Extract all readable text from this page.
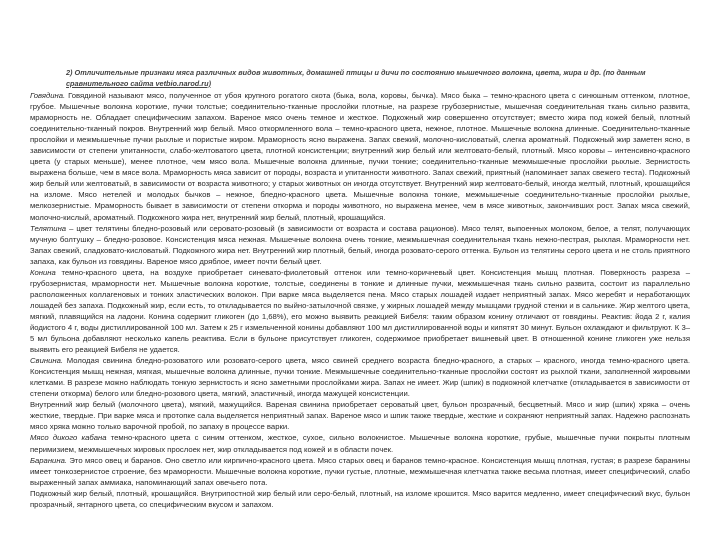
2) Отличительные признаки мяса различных видов животных, домашней птицы и дичи по состоянию мышечного волокна, цвета, жира и др. (по данным сравнительного сайта vetbio.narod.ru)

Говядина. Говядиной называют мясо, полученное от убоя крупного рогатого скота (быка, вола, коровы, бычка). Мясо быка – темно-красного цвета с синюшным оттенком, плотное, грубое. Мышечные волокна короткие, пучки толстые; соединительно-тканные прослойки плотные, на разрезе грубозернистые, мышечная соединительная ткань сильно развита, мраморность не. Обладает специфическим запахом. Вареное мясо очень темное и жесткое. Подкожный жир совершенно отсутствует; вместо жира под кожей белый, плотный соединительно-тканный покров. Внутренний жир белый. Мясо откормленного вола – темно-красного цвета, нежное, плотное. Мышечные волокна длинные. Соединительно-тканные прослойки и межмышечные пучки рыхлые и пористые жиром. Мраморность ясно выражена. Запах свежий, молочно-кисловатый, слегка ароматный. Подкожный жир заметен ясно, в зависимости от степени упитанности, слабо-желтоватого цвета, плотной консистенции; внутренний жир белый или желтовато-белый, плотный. Мясо коровы – интенсивно-красного цвета (у старых меньше), менее плотное, чем мясо вола. Мышечные волокна длинные, пучки тонкие; соединительно-тканные межмышечные прослойки рыхлые. Зернистость выражена больше, чем в мясе вола. Мраморность мяса зависит от породы, возраста и упитанности животного. Запах свежий, приятный (напоминает запах свежего теста). Подкожный жир белый или желтоватый, в зависимости от возраста животного; у старых животных он иногда отсутствует. Внутренний жир желтовато-белый, иногда желтый, плотный, крошащийся на изломе. Мясо нетелей и молодых бычков – нежное, бледно-красного цвета. Мышечные волокна тонкие, межмышечные соединительно-тканные прослойки рыхлые, мелкозернистые. Мраморность бывает в зависимости от степени откорма и породы животного, но выражена менее, чем в мясе животных, закончивших рост. Запах мяса свежий, молочно-кислый, ароматный. Подкожного жира нет, внутренний жир белый, плотный, крошащийся.

Телятина – цвет телятины бледно-розовый или серовато-розовый (в зависимости от возраста и состава рационов). Мясо телят, выпоенных молоком, белое, а телят, получающих мучную болтушку – бледно-розовое. Консистенция мяса нежная. Мышечные волокна очень тонкие, межмышечная соединительная ткань нежно-пестрая, рыхлая. Мраморности нет. Запах свежий, сладковато-кисловатый. Подкожного жира нет. Внутренний жир плотный, белый, иногда розовато-серого оттенка. Бульон из телятины серого цвета и не столь приятного запаха, как бульон из говядины. Вареное мясо дряблое, имеет почти белый цвет.

Конина темно-красного цвета, на воздухе приобретает синевато-фиолетовый оттенок или темно-коричневый цвет. Консистенция мышц плотная. Поверхность разреза – грубозернистая, мраморности нет. Мышечные волокна короткие, толстые, соединены в тонкие и длинные пучки, межмышечная ткань сильно развита, состоит из параллельно расположенных коллагеновых и тонких эластических волокон. При варке мяса выделяется пена. Мясо старых лошадей издает неприятный запах. Мясо жеребят и неработающих лошадей без запаха. Подкожный жир, если есть, то откладывается по выйно-затылочной связке, у жирных лошадей между мышцами грудной стенки и в сальнике. Жир желтого цвета, мягкий, плавящийся на ладони. Конина содержит гликоген (до 1,68%), его можно выявить реакцией Бибеля: таким образом конину отличают от говядины. Реактив: йода 2 г, калия йодистого 4 г, воды дистиллированной 100 мл. Затем к 25 г измельченной конины добавляют 100 мл дистиллированной воды и кипятят 30 минут. Бульон охлаждают и фильтруют. К 3–5 мл бульона добавляют несколько капель реактива. Если в бульоне присутствует гликоген, содержимое приобретает вишневый цвет. В отношенной конине гликоген уже нельзя выявить его реакцией Бибеля не удается.

Свинина. Молодая свинина бледно-розоватого или розовато-серого цвета, мясо свиней среднего возраста бледно-красного, а старых – красного, иногда темно-красного цвета. Консистенция мышц нежная, мягкая, мышечные волокна длинные, пучки тонкие. Межмышечные соединительно-тканные прослойки состоят из рыхлой ткани, заполненной жировыми клетками. В разрезе можно наблюдать тонкую зернистость и ясно заметными прослойками жира. Запах не имеет. Жир (шпик) в подкожной клетчатке (откладывается в зависимости от степени откорма) белого или бледно-розового цвета, мягкий, эластичный, иногда мажущей консистенции.

Внутренний жир белый (молочного цвета), мягкий, мажущийся. Вареная свинина приобретает сероватый цвет, бульон прозрачный, бесцветный. Мясо и жир (шпик) хряка – очень жесткие, твердые. При варке мяса и протопке сала выделяется неприятный запах. Вареное мясо и шпик также твердые, жесткие и сохраняют неприятный запах. Надежно распознать мясо хряка можно только варочной пробой, по запаху в процессе варки.

Мясо дикого кабана темно-красного цвета с синим оттенком, жесткое, сухое, сильно волокнистое. Мышечные волокна короткие, грубые, мышечные пучки покрыты плотным перимизием, межмышечных жировых прослоек нет, жир откладывается под кожей и в области почек.

Баранина. Это мясо овец и баранов. Оно светло или кирпично-красного цвета. Мясо старых овец и баранов темно-красное. Консистенция мышц плотная, густая; в разрезе баранины имеет тонкозернистое строение, без мраморности. Мышечные волокна короткие, пучки густые, плотные, межмышечная клетчатка также весьма плотная, имеет специфический, слабо выраженный запах аммиака, напоминающий запах овечьего пота.

Подкожный жир белый, плотный, крошащийся. Внутрипостной жир белый или серо-белый, плотный, на изломе крошится. Мясо варится медленно, имеет специфический вкус, бульон прозрачный, янтарного цвета, со специфическим вкусом и запахом.
